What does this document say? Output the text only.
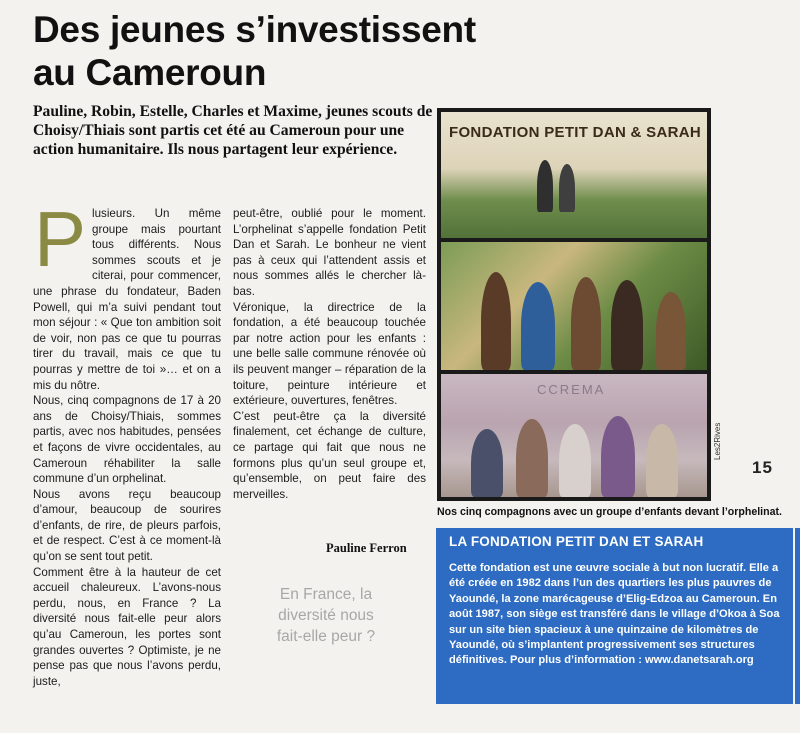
Des jeunes s’investissent
au Cameroun
Pauline, Robin, Estelle, Charles et Maxime, jeunes scouts de Choisy/Thiais sont partis cet été au Cameroun pour une action humanitaire. Ils nous partagent leur expérience.
P lusieurs. Un même groupe mais pourtant tous différents. Nous sommes scouts et je citerai, pour commencer, une phrase du fondateur, Baden Powell, qui m’a suivi pendant tout mon séjour : « Que ton ambition soit de voir, non pas ce que tu pourras tirer du travail, mais ce que tu pourras y mettre de toi »… et on a mis du nôtre.

Nous, cinq compagnons de 17 à 20 ans de Choisy/Thiais, sommes partis, avec nos habitudes, pensées et façons de vivre occidentales, au Cameroun réhabiliter la salle commune d’un orphelinat.

Nous avons reçu beaucoup d’amour, beaucoup de sourires d’enfants, de rire, de pleurs parfois, et de respect. C’est à ce moment-là qu’on se sent tout petit.

Comment être à la hauteur de cet accueil chaleureux. L’avons-nous perdu, nous, en France ? La diversité nous fait-elle peur alors qu’au Cameroun, les portes sont grandes ouvertes ? Optimiste, je ne pense pas que nous l’avons perdu, juste,

peut-être, oublié pour le moment. L’orphelinat s’appelle fondation Petit Dan et Sarah. Le bonheur ne vient pas à ceux qui l’attendent assis et nous sommes allés le chercher là-bas.

Véronique, la directrice de la fondation, a été beaucoup touchée par notre action pour les enfants : une belle salle commune rénovée où ils peuvent manger – réparation de la toiture, peinture intérieure et extérieure, ouvertures, fenêtres.

C’est peut-être ça la diversité finalement, cet échange de culture, ce partage qui fait que nous ne formons plus qu’un seul groupe et, qu’ensemble, on peut faire des merveilles.

Pauline Ferron
En France, la diversité nous fait-elle peur ?
FONDATION PETIT DAN & SARAH
CCREMA
Les2Rives
15
Nos cinq compagnons avec un groupe d’enfants devant l’orphelinat.
LA FONDATION PETIT DAN ET SARAH
Cette fondation est une œuvre sociale à but non lucratif. Elle a été créée en 1982 dans l’un des quartiers les plus pauvres de Yaoundé, la zone marécageuse d’Elig-Edzoa au Cameroun. En août 1987, son siège est transféré dans le village d’Okoa à Soa sur un site bien spacieux à une quinzaine de kilomètres de Yaoundé, où s’implantent progressivement ses structures définitives. Pour plus d’information : www.danetsarah.org
